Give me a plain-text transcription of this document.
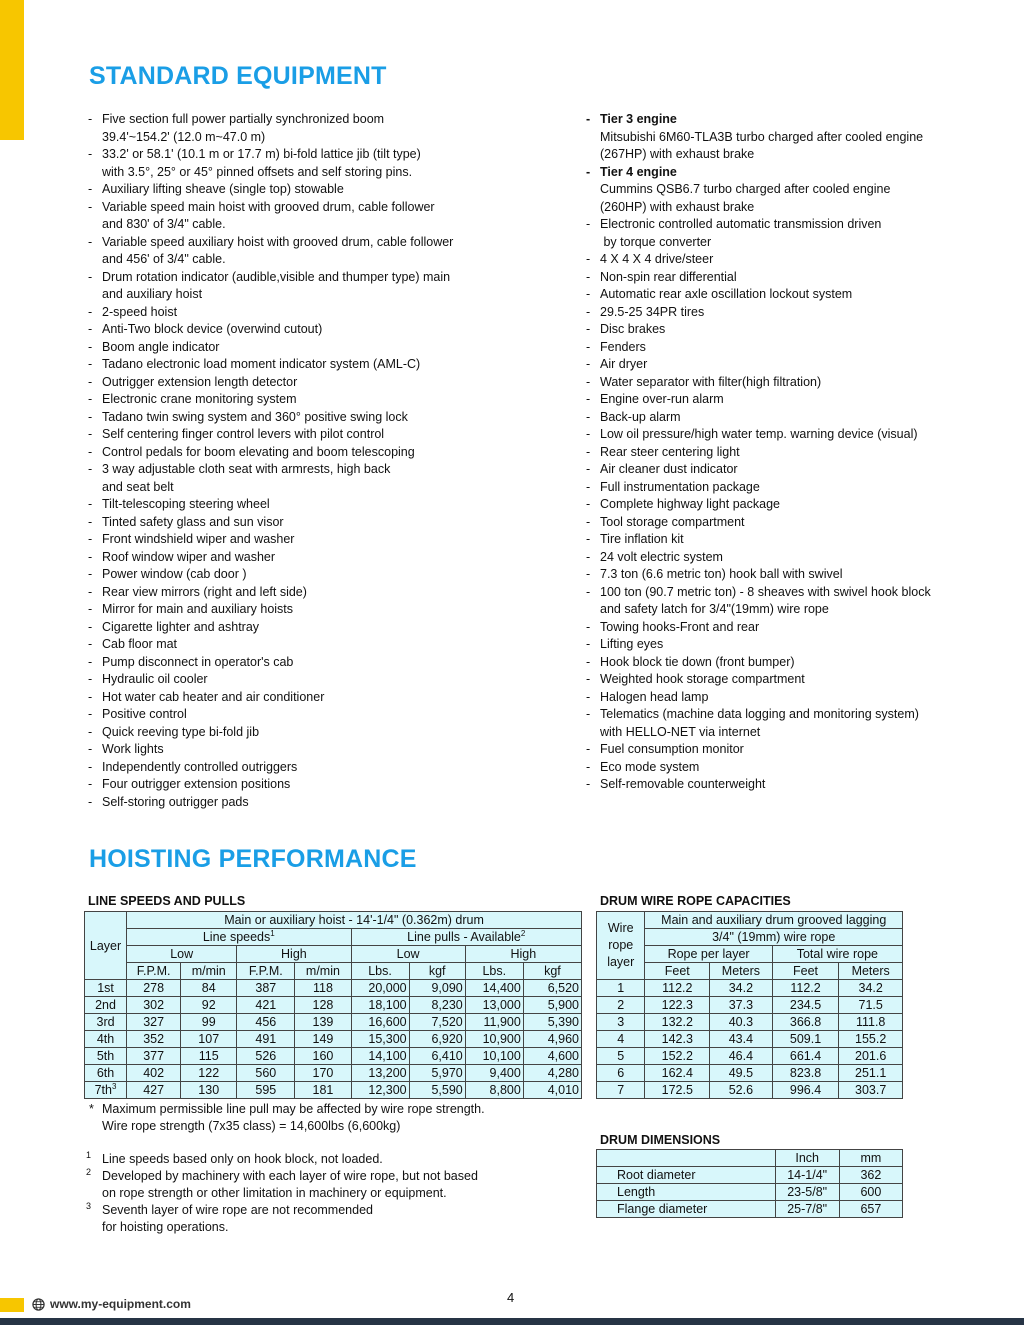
STANDARD EQUIPMENT
- Five section full power partially synchronized boom
39.4'~154.2' (12.0 m~47.0 m)
- 33.2' or 58.1' (10.1 m or 17.7 m) bi-fold lattice jib (tilt type)
with 3.5°, 25° or 45° pinned offsets and self storing pins.
- Auxiliary lifting sheave (single top) stowable
- Variable speed main hoist with grooved drum, cable follower
and 830' of 3/4" cable.
- Variable speed auxiliary hoist with grooved drum, cable follower
and 456' of 3/4" cable.
- Drum rotation indicator (audible,visible and thumper type) main
and auxiliary hoist
- 2-speed hoist
- Anti-Two block device (overwind cutout)
- Boom angle indicator
- Tadano electronic load moment indicator system (AML-C)
- Outrigger extension length detector
- Electronic crane monitoring system
- Tadano twin swing system and 360° positive swing lock
- Self centering finger control levers with pilot control
- Control pedals for boom elevating and boom telescoping
- 3 way adjustable cloth seat with armrests, high back
and seat belt
- Tilt-telescoping steering wheel
- Tinted safety glass and sun visor
- Front windshield wiper and washer
- Roof window wiper and washer
- Power window (cab door )
- Rear view mirrors (right and left side)
- Mirror for main and auxiliary hoists
- Cigarette lighter and ashtray
- Cab floor mat
- Pump disconnect in operator's cab
- Hydraulic oil cooler
- Hot water cab heater and air conditioner
- Positive control
- Quick reeving type bi-fold jib
- Work lights
- Independently controlled outriggers
- Four outrigger extension positions
- Self-storing outrigger pads
- Tier 3 engine
Mitsubishi 6M60-TLA3B turbo charged after cooled engine
(267HP) with exhaust brake
- Tier 4 engine
Cummins QSB6.7 turbo charged after cooled engine
(260HP) with exhaust brake
- Electronic controlled automatic transmission driven
by torque converter
- 4 X 4 X 4 drive/steer
- Non-spin rear differential
- Automatic rear axle oscillation lockout system
- 29.5-25 34PR tires
- Disc brakes
- Fenders
- Air dryer
- Water separator with filter(high filtration)
- Engine over-run alarm
- Back-up alarm
- Low oil pressure/high water temp. warning device (visual)
- Rear steer centering light
- Air cleaner dust indicator
- Full instrumentation package
- Complete highway light package
- Tool storage compartment
- Tire inflation kit
- 24 volt electric system
- 7.3 ton (6.6 metric ton) hook ball with swivel
- 100 ton (90.7 metric ton) - 8 sheaves with swivel hook block
and safety latch for 3/4"(19mm) wire rope
- Towing hooks-Front and rear
- Lifting eyes
- Hook block tie down (front bumper)
- Weighted hook storage compartment
- Halogen head lamp
- Telematics (machine data logging and monitoring system)
with HELLO-NET via internet
- Fuel consumption monitor
- Eco mode system
- Self-removable counterweight
HOISTING PERFORMANCE
LINE SPEEDS AND PULLS
Layer	Main or auxiliary hoist - 14'-1/4" (0.362m) drum							
	Line speeds$^1$				Line pulls - Available$^2$
	Low		High		Low		High	
	F.P.M.	m/min	F.P.M.	m/min	Lbs.	kgf	Lbs.	kgf
1st	278	84	387	118	20,000	9,090	14,400	6,520
2nd	302	92	421	128	18,100	8,230	13,000	5,900
3rd	327	99	456	139	16,600	7,520	11,900	5,390
4th	352	107	491	149	15,300	6,920	10,900	4,960
5th	377	115	526	160	14,100	6,410	10,100	4,600
6th	402	122	560	170	13,200	5,970	9,400	4,280
$7th^3$	427	130	595	181	12,300	5,590	8,800	4,010
* Maximum permissible line pull may be affected by wire rope strength.
Wire rope strength (7x35 class) = 14,600lbs (6,600kg)
1 Line speeds based only on hook block, not loaded.
2 Developed by machinery with each layer of wire rope, but not based
on rope strength or other limitation in machinery or equipment.
3 Seventh layer of wire rope are not recommended
for hoisting operations.
DRUM WIRE ROPE CAPACITIES
Wire
rope
layer	Main and auxiliary drum grooved lagging			
	3/4" (19mm) wire rope			
	Rope per layer		Total wire rope	
	Feet	Meters	Feet	Meters
1	112.2	34.2	112.2	34.2
2	122.3	37.3	234.5	71.5
3	132.2	40.3	366.8	111.8
4	142.3	43.4	509.1	155.2
5	152.2	46.4	661.4	201.6
6	162.4	49.5	823.8	251.1
7	172.5	52.6	996.4	303.7
DRUM DIMENSIONS
	Inch	mm
Root diameter	14-1/4"	362
Length	23-5/8"	600
Flange diameter	25-7/8"	657
4
www.my-equipment.com
